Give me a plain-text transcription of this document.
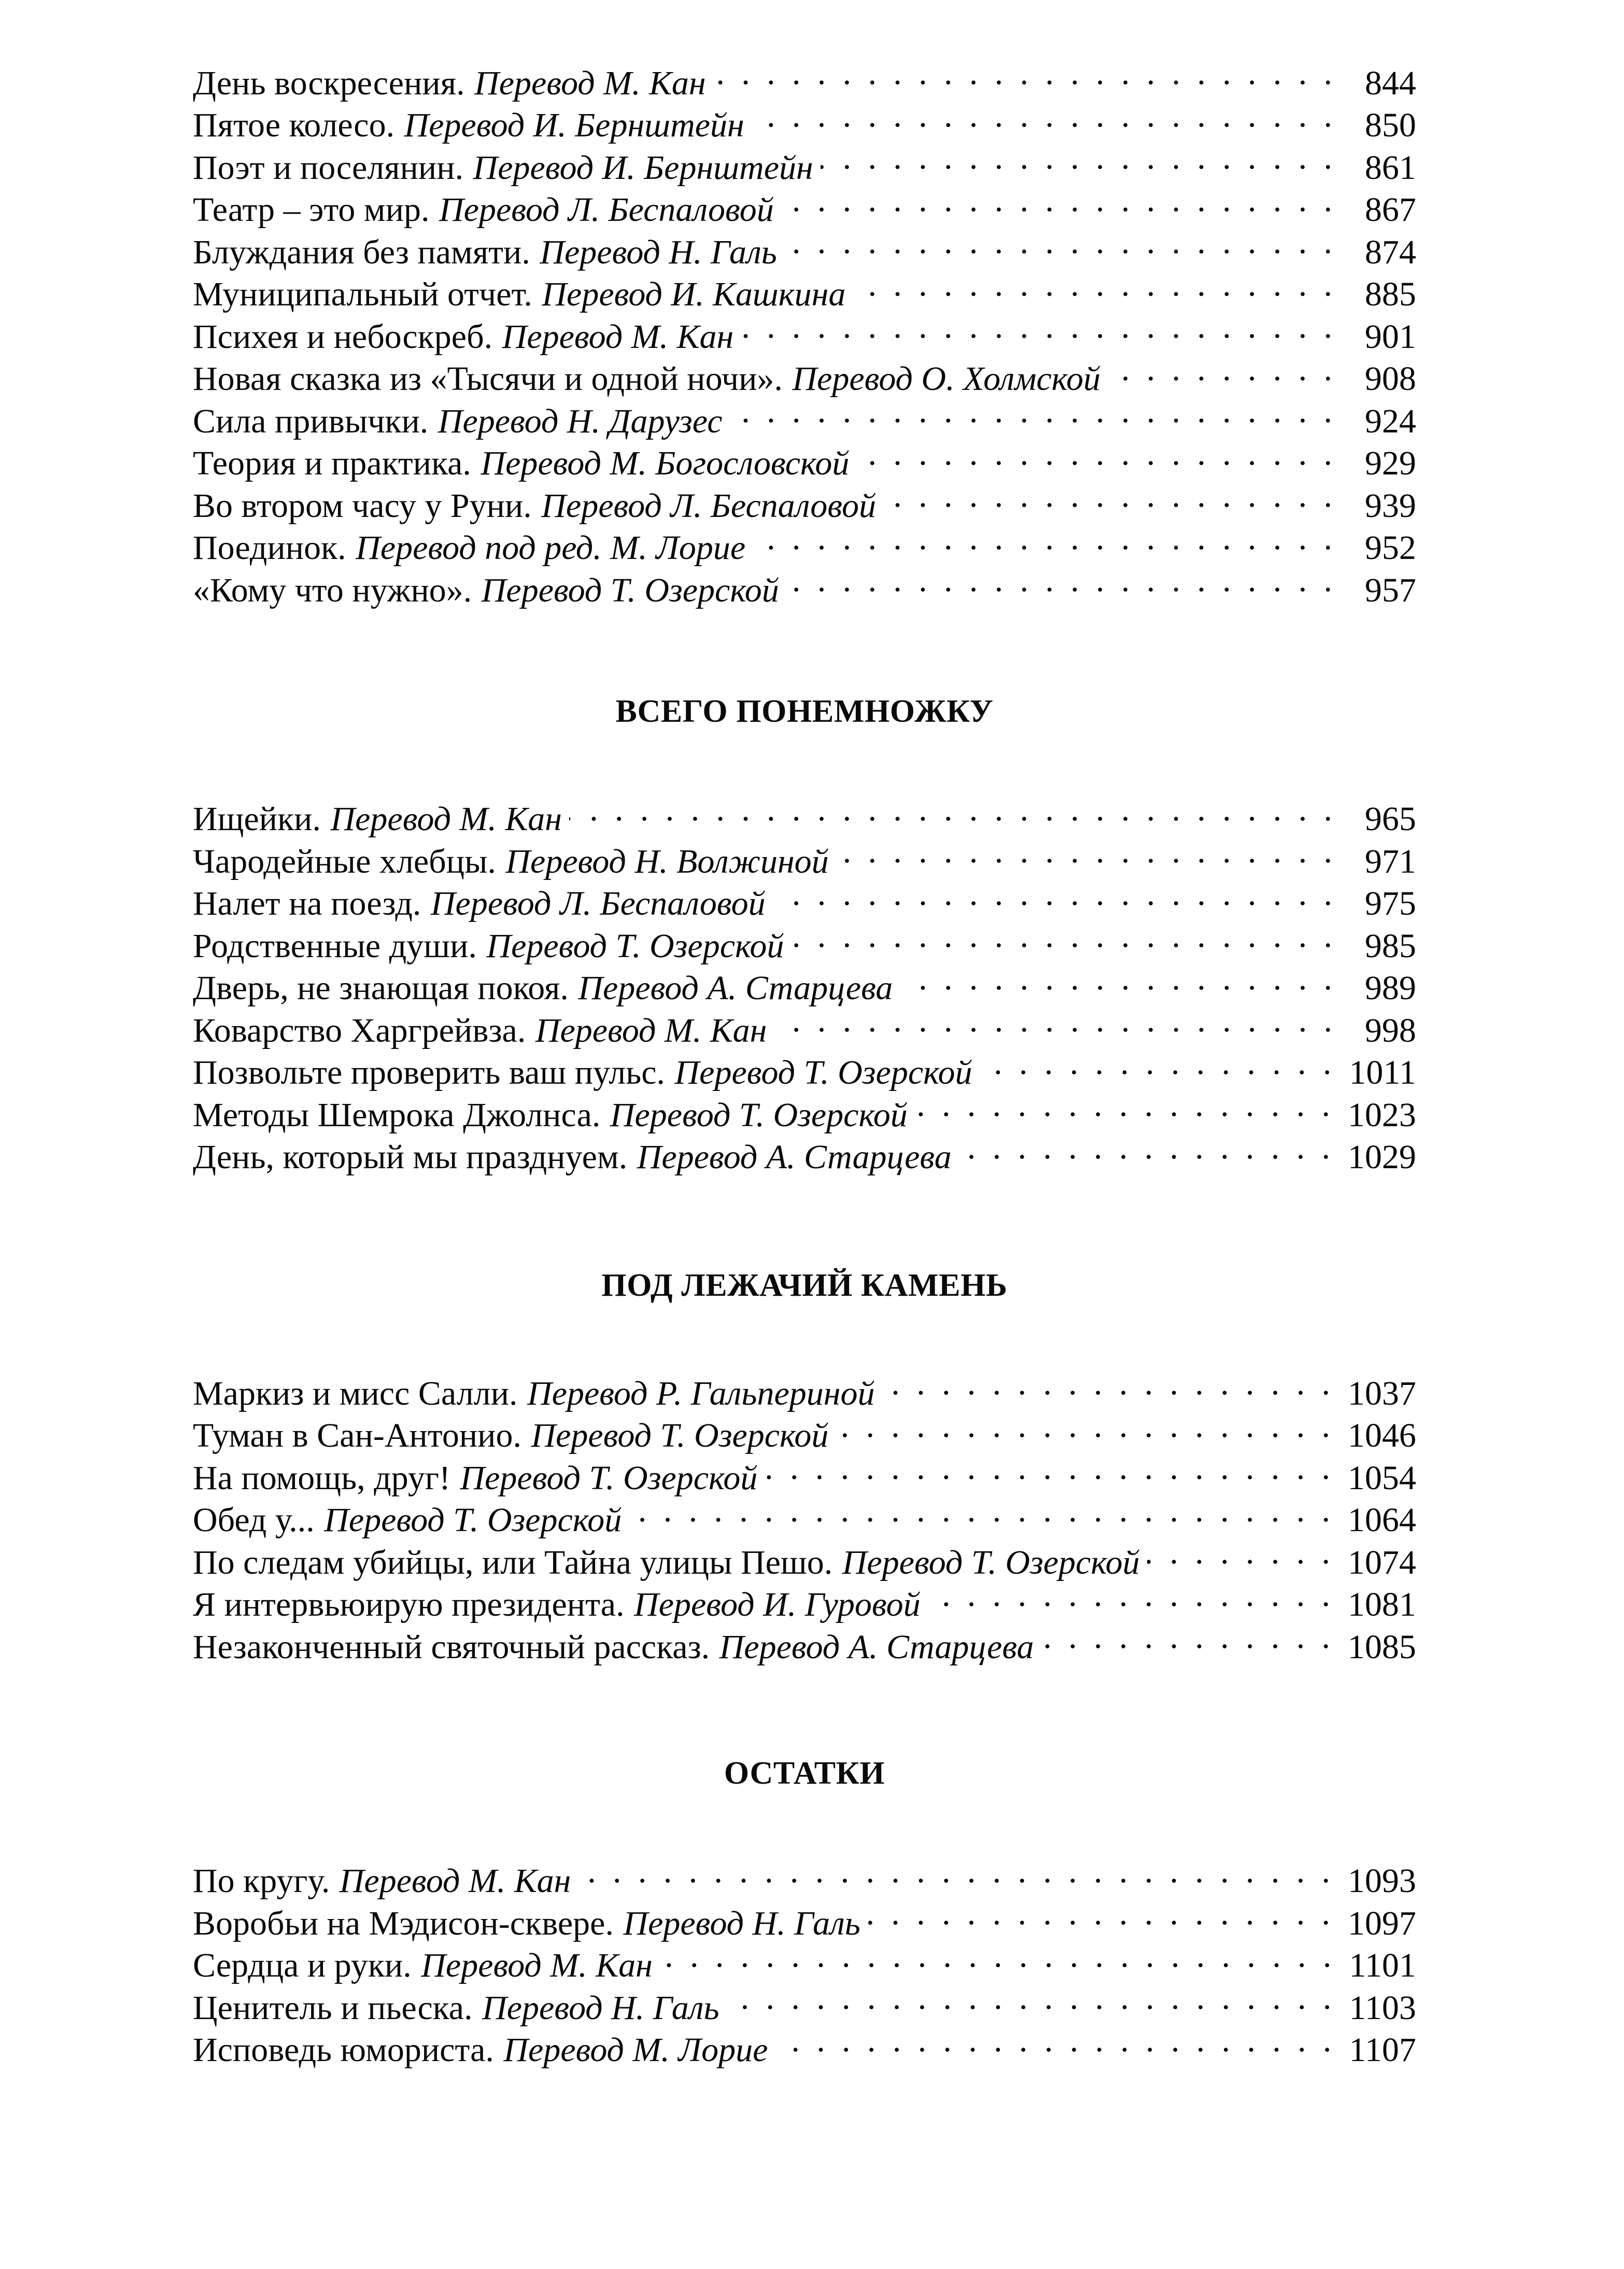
День воскресения. Перевод М. Кан . . .	844
Пятое колесо. Перевод И. Бернштейн . . .	850
Поэт и поселянин. Перевод И. Бернштейн . . .	861
Театр – это мир. Перевод Л. Беспаловой . . .	867
Блуждания без памяти. Перевод Н. Галь . . .	874
Муниципальный отчет. Перевод И. Кашкина . . .	885
Психея и небоскреб. Перевод М. Кан . . .	901
Новая сказка из «Тысячи и одной ночи». Перевод О. Холмской . . .	908
Сила привычки. Перевод Н. Дарузес . . .	924
Теория и практика. Перевод М. Богословской . . .	929
Во втором часу у Руни. Перевод Л. Беспаловой . . .	939
Поединок. Перевод под ред. М. Лорие . . .	952
«Кому что нужно». Перевод Т. Озерской . . .	957
ВСЕГО ПОНЕМНОЖКУ
Ищейки. Перевод М. Кан . . .	965
Чародейные хлебцы. Перевод Н. Волжиной . . .	971
Налет на поезд. Перевод Л. Беспаловой . . .	975
Родственные души. Перевод Т. Озерской . . .	985
Дверь, не знающая покоя. Перевод А. Старцева . . .	989
Коварство Харгрейвза. Перевод М. Кан . . .	998
Позвольте проверить ваш пульс. Перевод Т. Озерской . . .	1011
Методы Шемрока Джолнса. Перевод Т. Озерской . . .	1023
День, который мы празднуем. Перевод А. Старцева . . .	1029
ПОД ЛЕЖАЧИЙ КАМЕНЬ
Маркиз и мисс Салли. Перевод Р. Гальпериной . . .	1037
Туман в Сан-Антонио. Перевод Т. Озерской . . .	1046
На помощь, друг! Перевод Т. Озерской . . .	1054
Обед у... Перевод Т. Озерской . . .	1064
По следам убийцы, или Тайна улицы Пешо. Перевод Т. Озерской . . .	1074
Я интервьюирую президента. Перевод И. Гуровой . . .	1081
Незаконченный святочный рассказ. Перевод А. Старцева . . .	1085
ОСТАТКИ
По кругу. Перевод М. Кан . . .	1093
Воробьи на Мэдисон-сквере. Перевод Н. Галь . . .	1097
Сердца и руки. Перевод М. Кан . . .	1101
Ценитель и пьеска. Перевод Н. Галь . . .	1103
Исповедь юмориста. Перевод М. Лорие . . .	1107
